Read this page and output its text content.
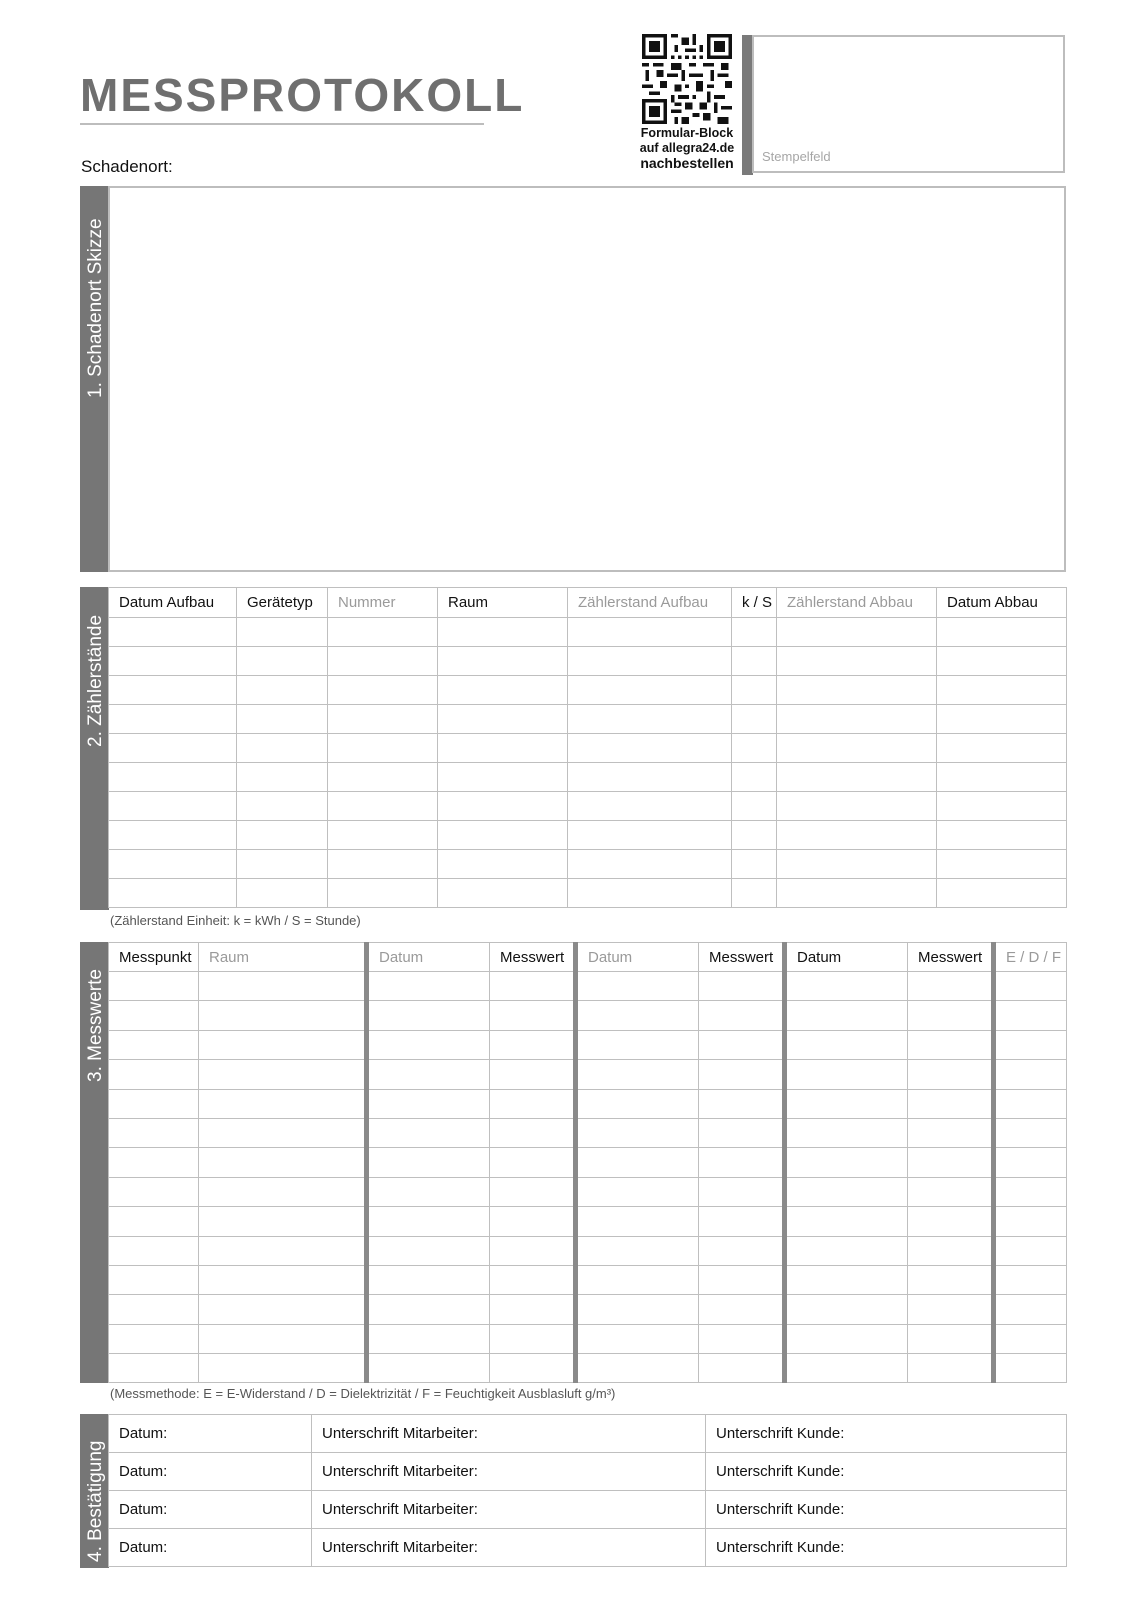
MESSPROTOKOLL
Schadenort:
Formular-Block
auf allegra24.de
nachbestellen	Stempelfeld
1. Schadenort Skizze
2. Zählerstände
Datum Aufbau	Gerätetyp	Nummer	Raum	Zählerstand Aufbau	k / S	Zählerstand Abbau	Datum Abbau

(Zählerstand Einheit: k = kWh / S = Stunde)
3. Messwerte
Messpunkt	Raum	Datum	Messwert	Datum	Messwert	Datum	Messwert	E / D / F

(Messmethode: E = E-Widerstand / D = Dielektrizität / F = Feuchtigkeit Ausblasluft g/m³)
4. Bestätigung
Datum:	Unterschrift Mitarbeiter:	Unterschrift Kunde:
Datum:	Unterschrift Mitarbeiter:	Unterschrift Kunde:
Datum:	Unterschrift Mitarbeiter:	Unterschrift Kunde:
Datum:	Unterschrift Mitarbeiter:	Unterschrift Kunde:
